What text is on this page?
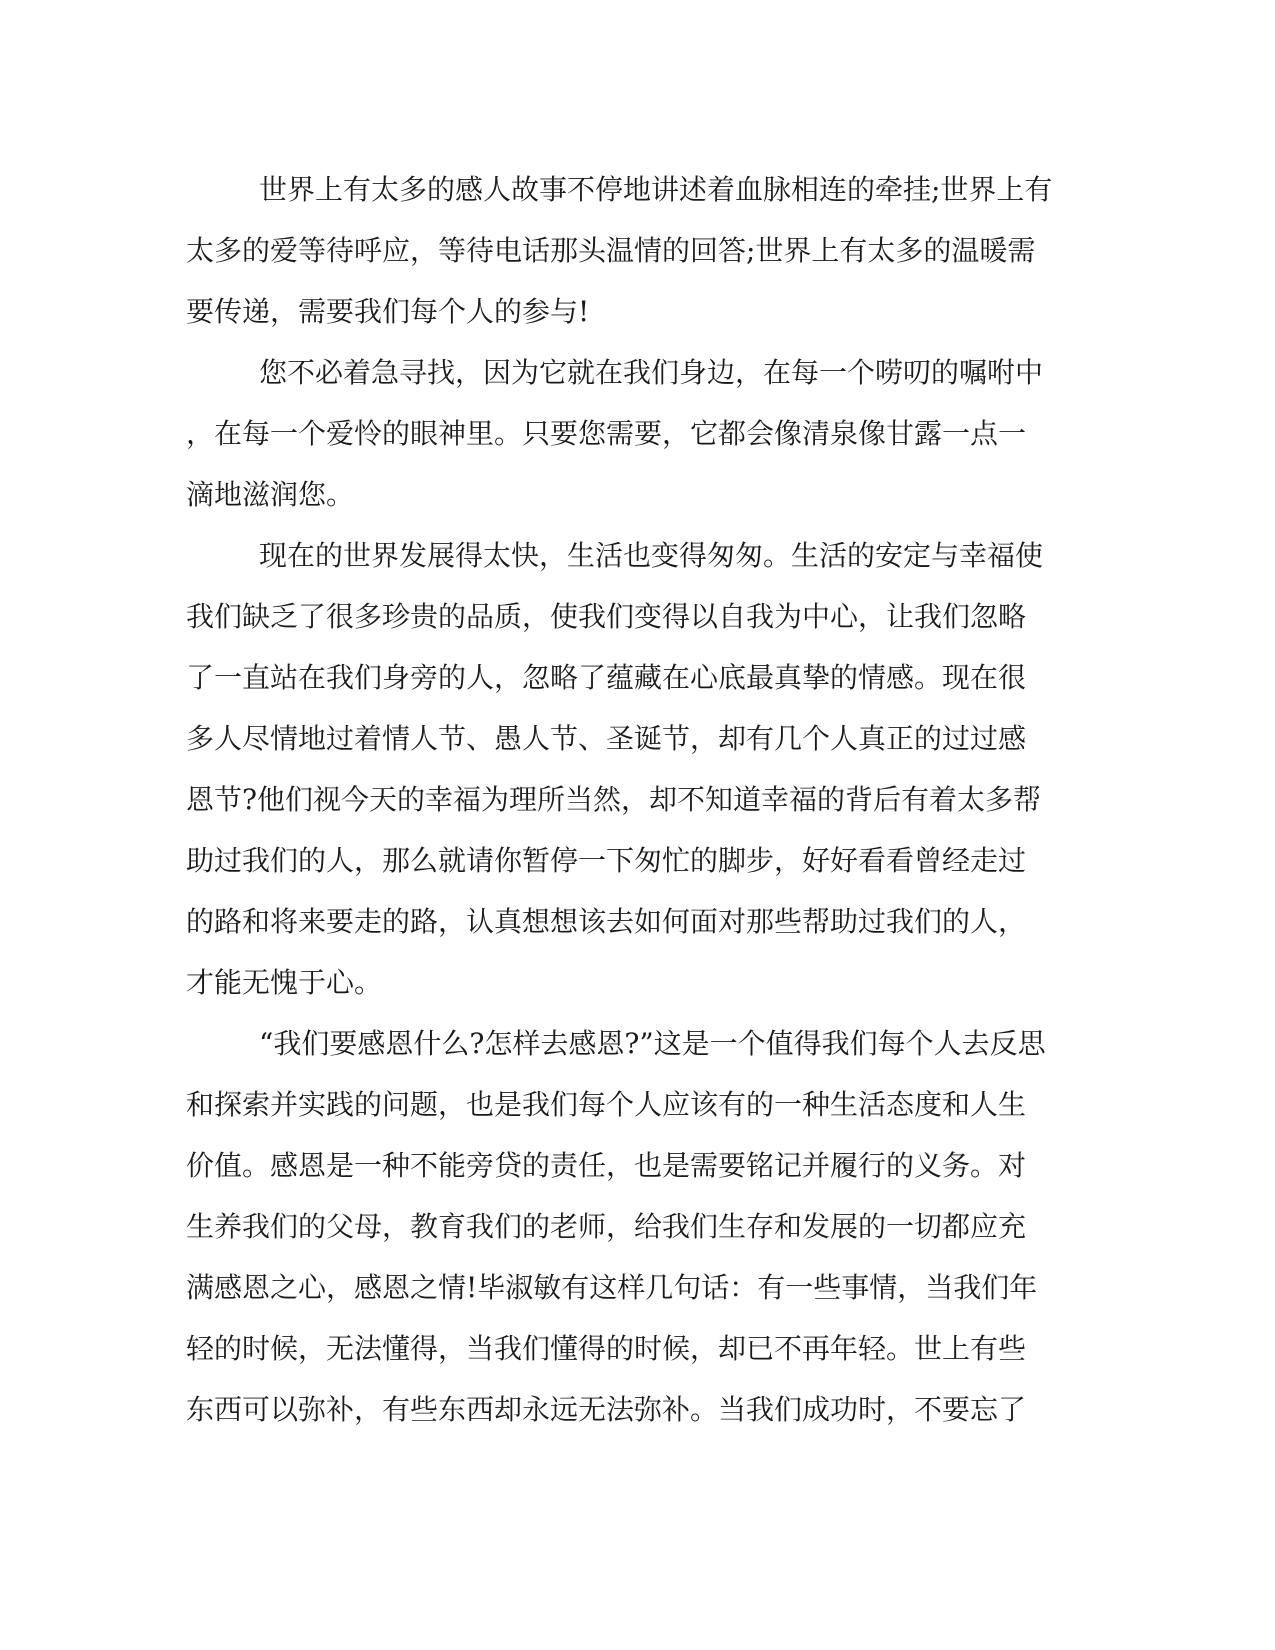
世界上有太多的感人故事不停地讲述着血脉相连的牵挂;世界上有
太多的爱等待呼应，等待电话那头温情的回答;世界上有太多的温暖需
要传递，需要我们每个人的参与!
您不必着急寻找，因为它就在我们身边，在每一个唠叨的嘱咐中
，在每一个爱怜的眼神里。只要您需要，它都会像清泉像甘露一点一
滴地滋润您。
现在的世界发展得太快，生活也变得匆匆。生活的安定与幸福使
我们缺乏了很多珍贵的品质，使我们变得以自我为中心，让我们忽略
了一直站在我们身旁的人，忽略了蕴藏在心底最真挚的情感。现在很
多人尽情地过着情人节、愚人节、圣诞节，却有几个人真正的过过感
恩节?他们视今天的幸福为理所当然，却不知道幸福的背后有着太多帮
助过我们的人，那么就请你暂停一下匆忙的脚步，好好看看曾经走过
的路和将来要走的路，认真想想该去如何面对那些帮助过我们的人，
才能无愧于心。
“我们要感恩什么?怎样去感恩?”这是一个值得我们每个人去反思
和探索并实践的问题，也是我们每个人应该有的一种生活态度和人生
价值。感恩是一种不能旁贷的责任，也是需要铭记并履行的义务。对
生养我们的父母，教育我们的老师，给我们生存和发展的一切都应充
满感恩之心，感恩之情!毕淑敏有这样几句话：有一些事情，当我们年
轻的时候，无法懂得，当我们懂得的时候，却已不再年轻。世上有些
东西可以弥补，有些东西却永远无法弥补。当我们成功时，不要忘了
